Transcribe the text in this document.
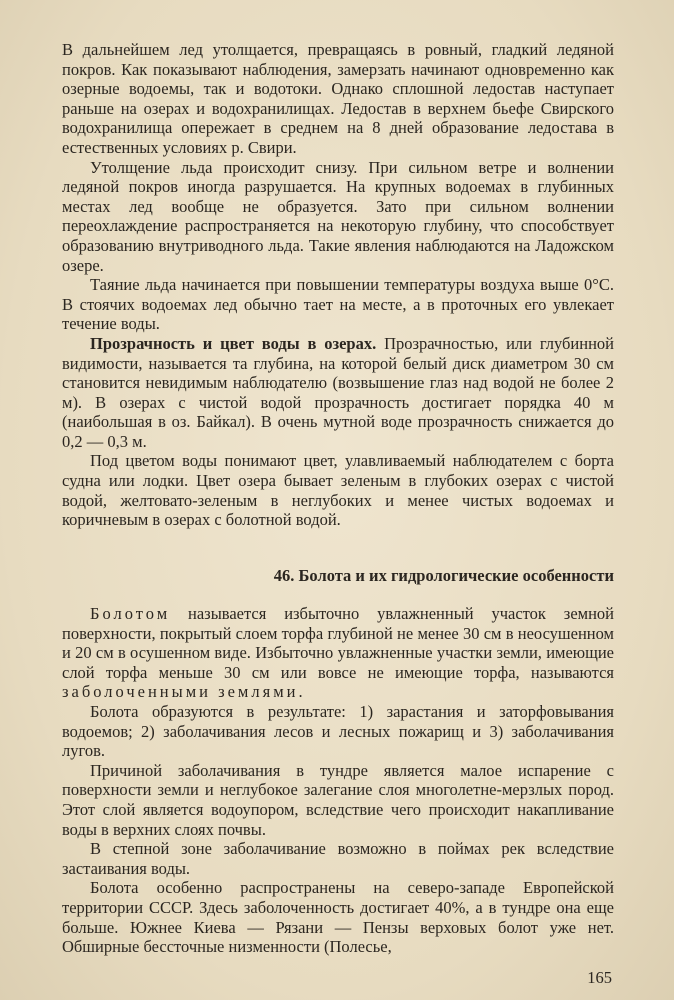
В дальнейшем лед утолщается, превращаясь в ровный, гладкий ледяной покров. Как показывают наблюдения, замерзать начинают одновременно как озерные водоемы, так и водотоки. Однако сплошной ледостав наступает раньше на озерах и водохранилищах. Ледостав в верхнем бьефе Свирского водохранилища опережает в среднем на 8 дней образование ледостава в естественных условиях р. Свири.

Утолщение льда происходит снизу. При сильном ветре и волнении ледяной покров иногда разрушается. На крупных водоемах в глубинных местах лед вообще не образуется. Зато при сильном волнении переохлаждение распространяется на некоторую глубину, что способствует образованию внутриводного льда. Такие явления наблюдаются на Ладожском озере.

Таяние льда начинается при повышении температуры воздуха выше 0°С. В стоячих водоемах лед обычно тает на месте, а в проточных его увлекает течение воды.

Прозрачность и цвет воды в озерах. Прозрачностью, или глубинной видимости, называется та глубина, на которой белый диск диаметром 30 см становится невидимым наблюдателю (возвышение глаз над водой не более 2 м). В озерах с чистой водой прозрачность достигает порядка 40 м (наибольшая в оз. Байкал). В очень мутной воде прозрачность снижается до 0,2 — 0,3 м.

Под цветом воды понимают цвет, улавливаемый наблюдателем с борта судна или лодки. Цвет озера бывает зеленым в глубоких озерах с чистой водой, желтовато-зеленым в неглубоких и менее чистых водоемах и коричневым в озерах с болотной водой.

46. Болота и их гидрологические особенности

Болотом называется избыточно увлажненный участок земной поверхности, покрытый слоем торфа глубиной не менее 30 см в неосушенном и 20 см в осушенном виде. Избыточно увлажненные участки земли, имеющие слой торфа меньше 30 см или вовсе не имеющие торфа, называются заболоченными землями.

Болота образуются в результате: 1) зарастания и заторфовывания водоемов; 2) заболачивания лесов и лесных пожарищ и 3) заболачивания лугов.

Причиной заболачивания в тундре является малое испарение с поверхности земли и неглубокое залегание слоя многолетне-мерзлых пород. Этот слой является водоупором, вследствие чего происходит накапливание воды в верхних слоях почвы.

В степной зоне заболачивание возможно в поймах рек вследствие застаивания воды.

Болота особенно распространены на северо-западе Европейской территории СССР. Здесь заболоченность достигает 40%, а в тундре она еще больше. Южнее Киева — Рязани — Пензы верховых болот уже нет. Обширные бессточные низменности (Полесье,

165
